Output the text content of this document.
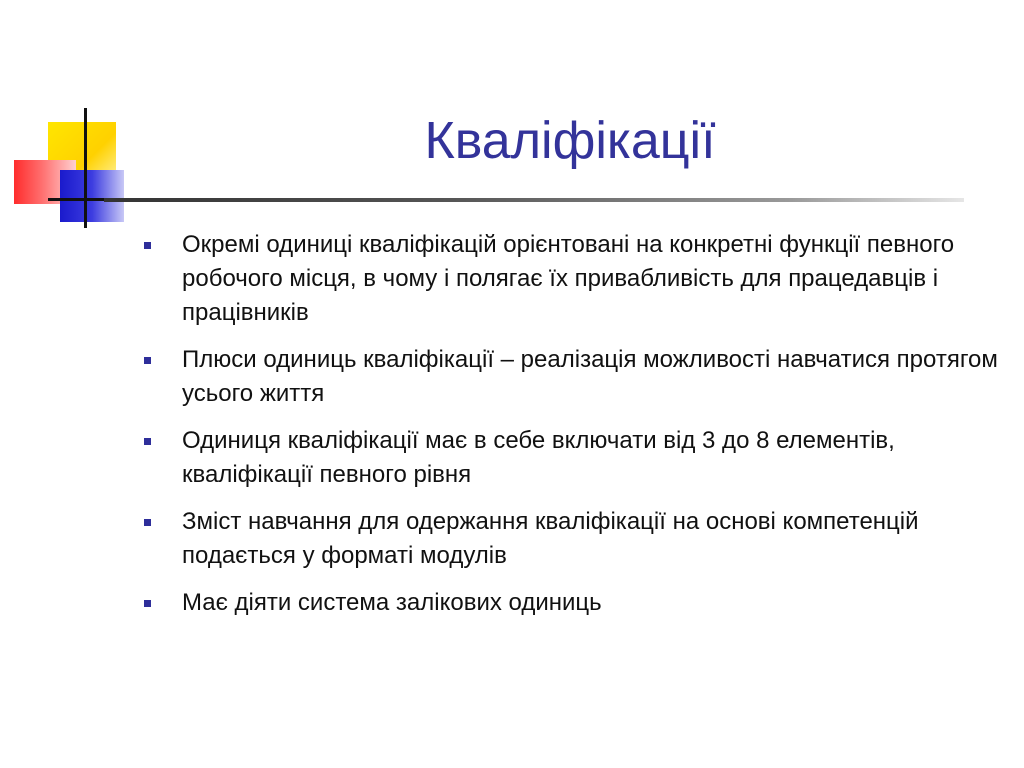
Кваліфікації
Окремі одиниці кваліфікацій орієнтовані на конкретні функції певного робочого місця, в чому і полягає їх привабливість для працедавців і працівників
Плюси одиниць кваліфікації – реалізація можливості навчатися протягом усього життя
Одиниця кваліфікації має в себе включати від 3 до 8 елементів, кваліфікації певного рівня
Зміст навчання для одержання кваліфікації на основі компетенцій подається у форматі модулів
Має діяти система залікових одиниць
